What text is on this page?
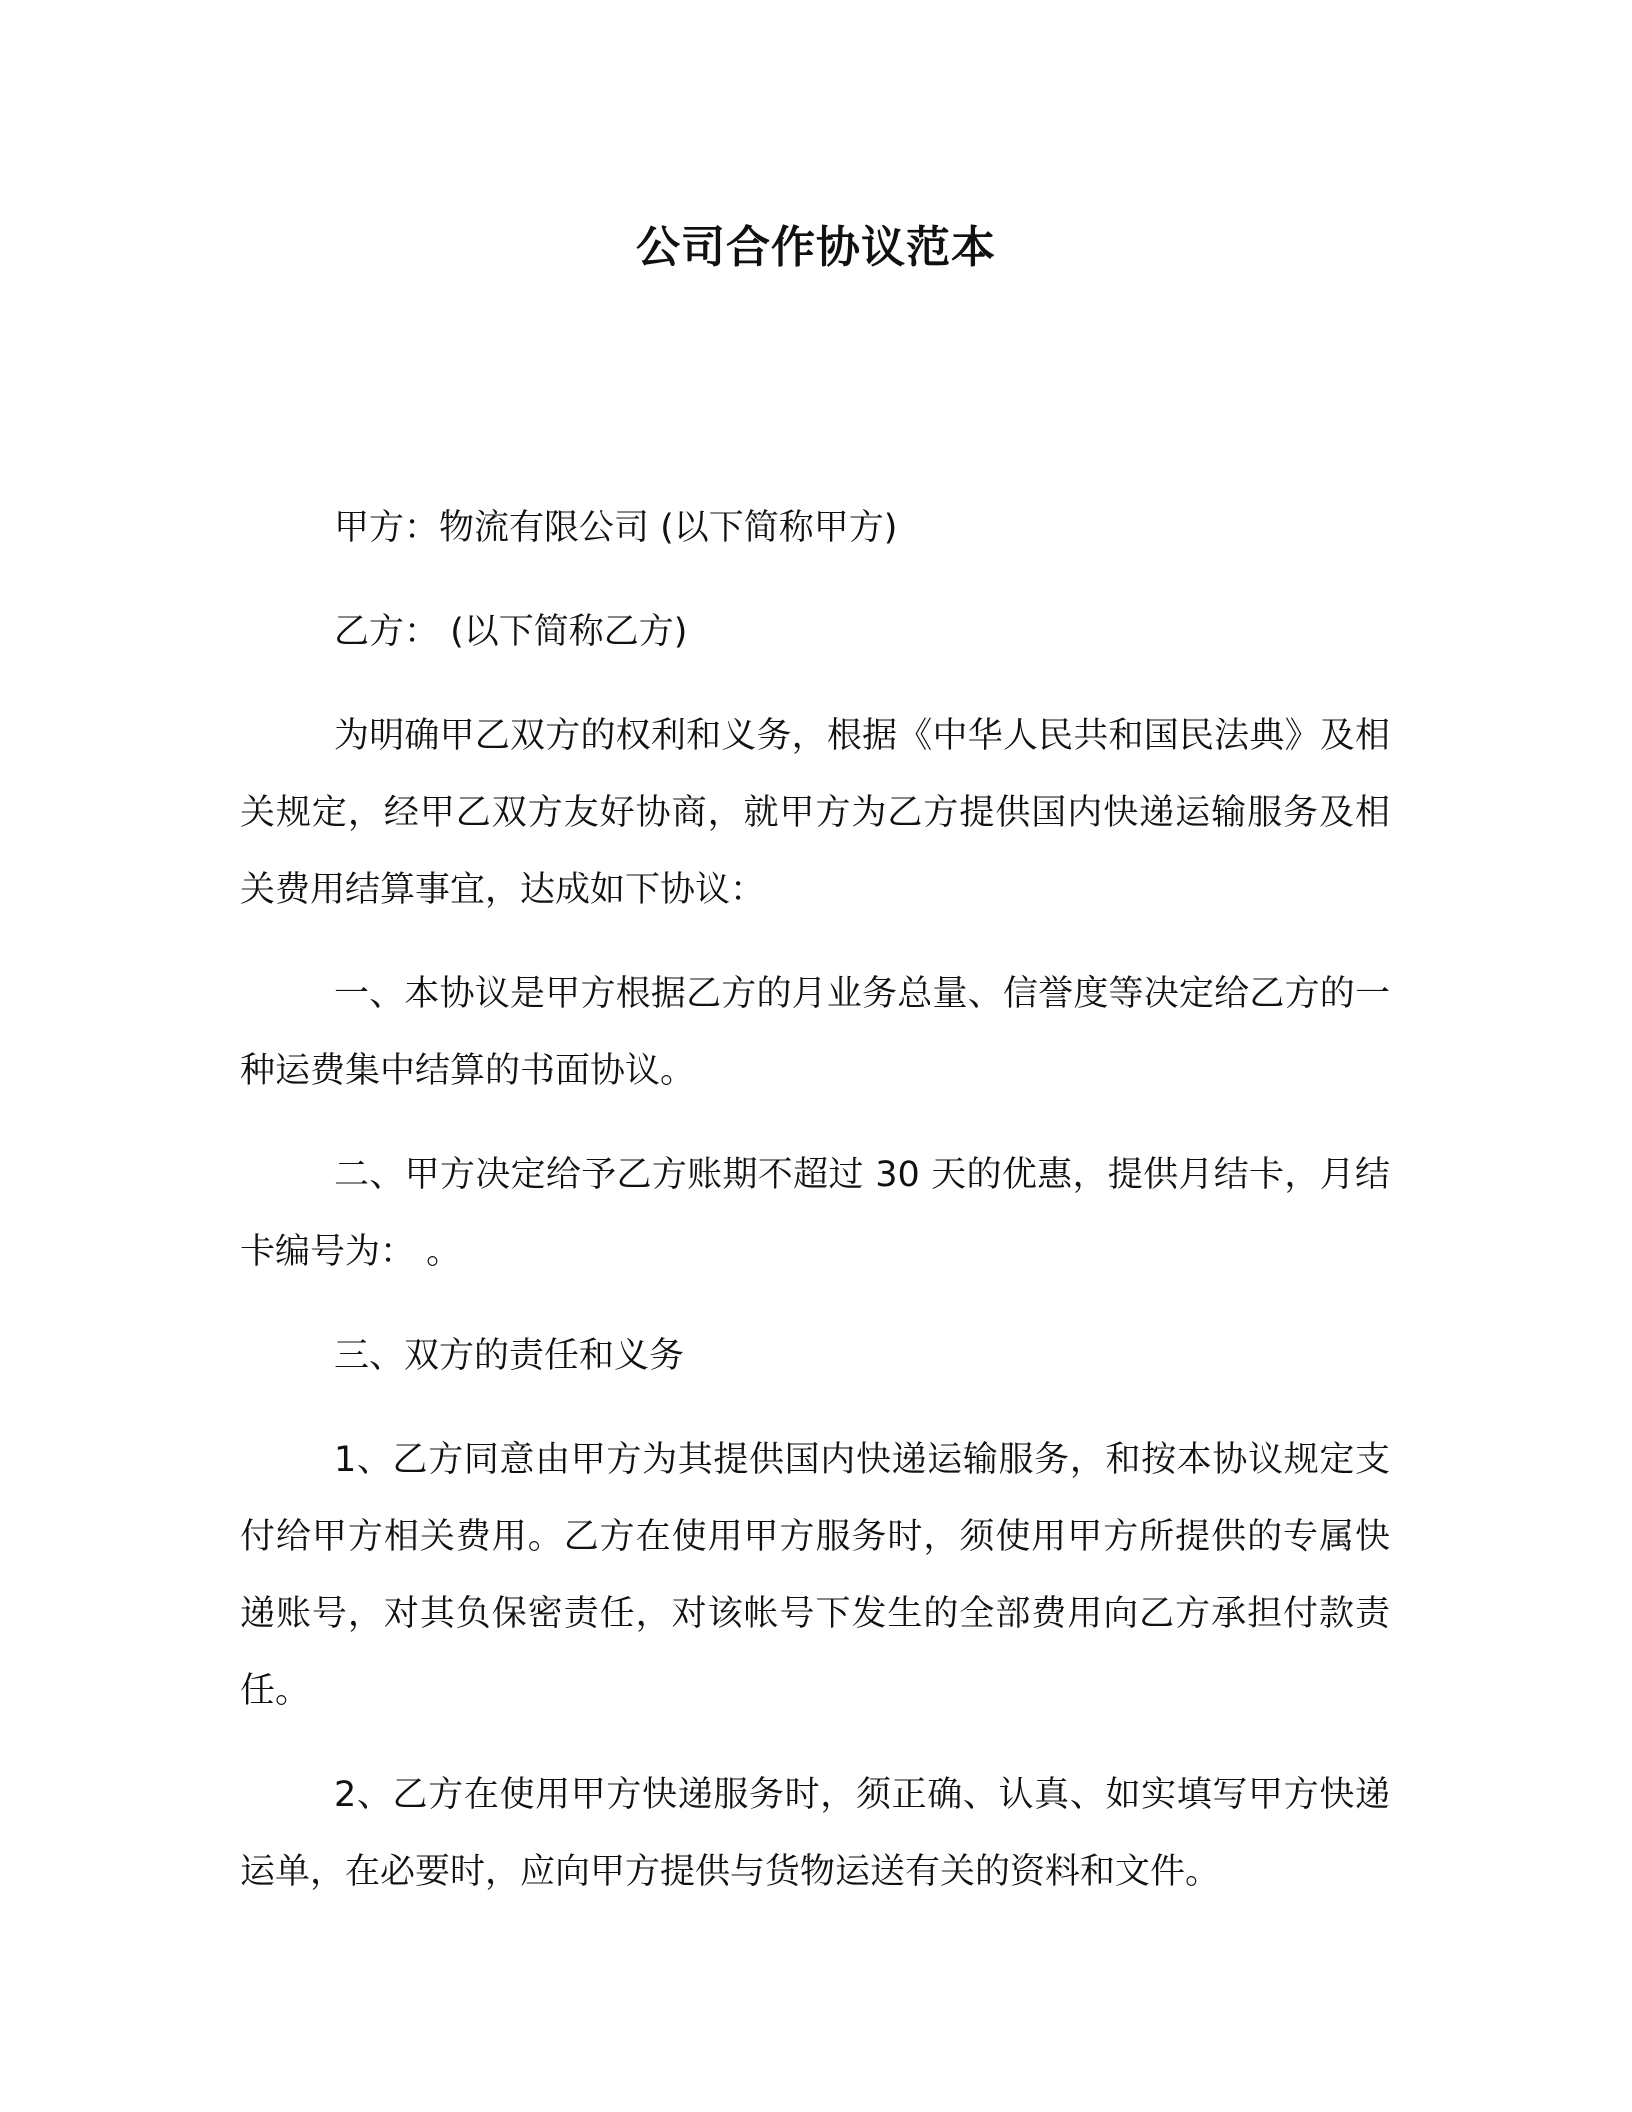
公司合作协议范本

甲方：物流有限公司 (以下简称甲方)

乙方： (以下简称乙方)

为明确甲乙双方的权利和义务，根据《中华人民共和国民法典》及相关规定，经甲乙双方友好协商，就甲方为乙方提供国内快递运输服务及相关费用结算事宜，达成如下协议：

一、本协议是甲方根据乙方的月业务总量、信誉度等决定给乙方的一种运费集中结算的书面协议。

二、甲方决定给予乙方账期不超过 30 天的优惠，提供月结卡，月结卡编号为： 。

三、双方的责任和义务

1、乙方同意由甲方为其提供国内快递运输服务，和按本协议规定支付给甲方相关费用。乙方在使用甲方服务时，须使用甲方所提供的专属快递账号，对其负保密责任，对该帐号下发生的全部费用向乙方承担付款责任。

2、乙方在使用甲方快递服务时，须正确、认真、如实填写甲方快递运单，在必要时，应向甲方提供与货物运送有关的资料和文件。
